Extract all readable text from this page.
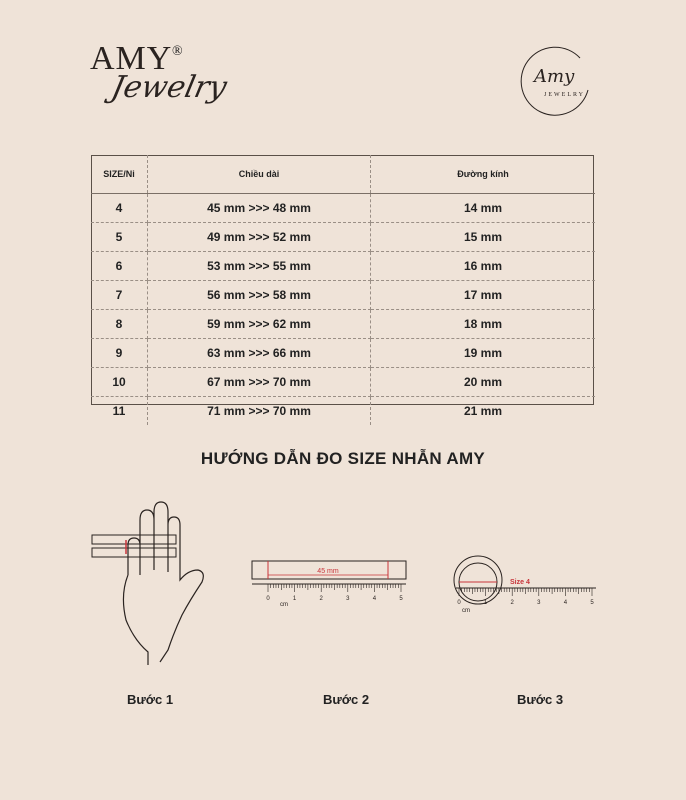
AMY ®
Jewelry	Amy
JEWELRY
SIZE/Ni	Chiều dài	Đường kính
4	45 mm >>> 48 mm	14 mm
5	49 mm >>> 52 mm	15 mm
6	53 mm >>> 55 mm	16 mm
7	56 mm >>> 58 mm	17 mm
8	59 mm >>> 62 mm	18 mm
9	63 mm >>> 66 mm	19 mm
10	67 mm >>> 70 mm	20 mm
11	71 mm >>> 70 mm	21 mm
HƯỚNG DẪN ĐO SIZE NHẪN AMY
45 mm
0	1	2	3	4	5
cm
Size 4
0	1	2	3	4	5
cm
Bước 1	Bước 2	Bước 3
